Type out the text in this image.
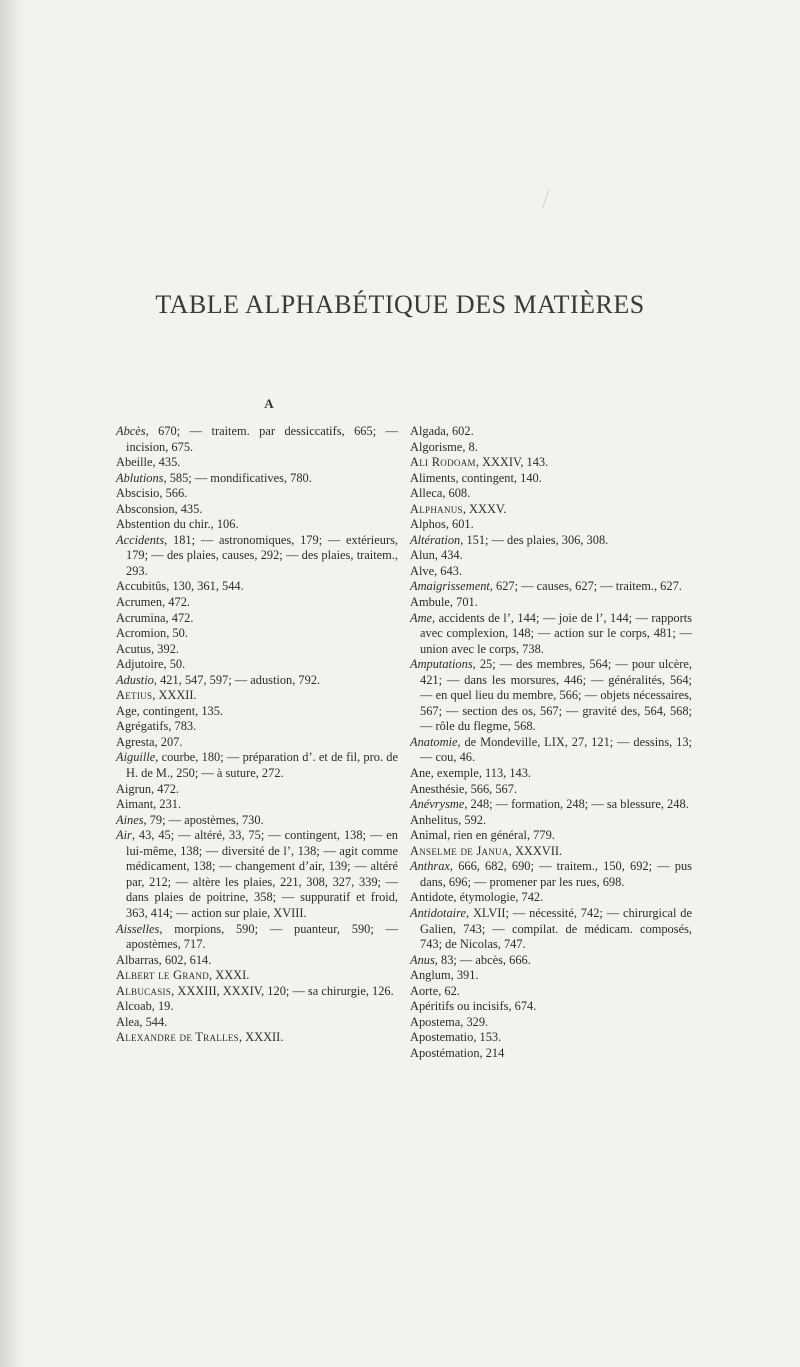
TABLE ALPHABÉTIQUE DES MATIÈRES
A

Abcès, 670; — traitem. par dessiccatifs, 665; — incision, 675.

Abeille, 435.

Ablutions, 585; — mondificatives, 780.

Abscisio, 566.

Absconsion, 435.

Abstention du chir., 106.

Accidents, 181; — astronomiques, 179; — extérieurs, 179; — des plaies, causes, 292; — des plaies, traitem., 293.

Accubitûs, 130, 361, 544.

Acrumen, 472.

Acrumina, 472.

Acromion, 50.

Acutus, 392.

Adjutoire, 50.

Adustio, 421, 547, 597; — adustion, 792.

Aetius, XXXII.

Age, contingent, 135.

Agrégatifs, 783.

Agresta, 207.

Aiguille, courbe, 180; — préparation d’. et de fil, pro. de H. de M., 250; — à suture, 272.

Aigrun, 472.

Aimant, 231.

Aines, 79; — apostèmes, 730.

Air, 43, 45; — altéré, 33, 75; — contingent, 138; — en lui-même, 138; — diversité de l’, 138; — agit comme médicament, 138; — changement d’air, 139; — altéré par, 212; — altère les plaies, 221, 308, 327, 339; — dans plaies de poitrine, 358; — suppuratif et froid, 363, 414; — action sur plaie, XVIII.

Aisselles, morpions, 590; — puanteur, 590; — apostèmes, 717.

Albarras, 602, 614.

Albert le Grand, XXXI.

Albucasis, XXXIII, XXXIV, 120; — sa chirurgie, 126.

Alcoab, 19.

Alea, 544.

Alexandre de Tralles, XXXII.

Algada, 602.

Algorisme, 8.

Ali Rodoam, XXXIV, 143.

Aliments, contingent, 140.

Alleca, 608.

Alphanus, XXXV.

Alphos, 601.

Altération, 151; — des plaies, 306, 308.

Alun, 434.

Alve, 643.

Amaigrissement, 627; — causes, 627; — traitem., 627.

Ambule, 701.

Ame, accidents de l’, 144; — joie de l’, 144; — rapports avec complexion, 148; — action sur le corps, 481; — union avec le corps, 738.

Amputations, 25; — des membres, 564; — pour ulcère, 421; — dans les morsures, 446; — généralités, 564; — en quel lieu du membre, 566; — objets nécessaires, 567; — section des os, 567; — gravité des, 564, 568; — rôle du flegme, 568.

Anatomie, de Mondeville, LIX, 27, 121; — dessins, 13; — cou, 46.

Ane, exemple, 113, 143.

Anesthésie, 566, 567.

Anévrysme, 248; — formation, 248; — sa blessure, 248.

Anhelitus, 592.

Animal, rien en général, 779.

Anselme de Janua, XXXVII.

Anthrax, 666, 682, 690; — traitem., 150, 692; — pus dans, 696; — promener par les rues, 698.

Antidote, étymologie, 742.

Antidotaire, XLVII; — nécessité, 742; — chirurgical de Galien, 743; — compilat. de médicam. composés, 743; de Nicolas, 747.

Anus, 83; — abcès, 666.

Anglum, 391.

Aorte, 62.

Apéritifs ou incisifs, 674.

Apostema, 329.

Apostematio, 153.

Apostémation, 214
